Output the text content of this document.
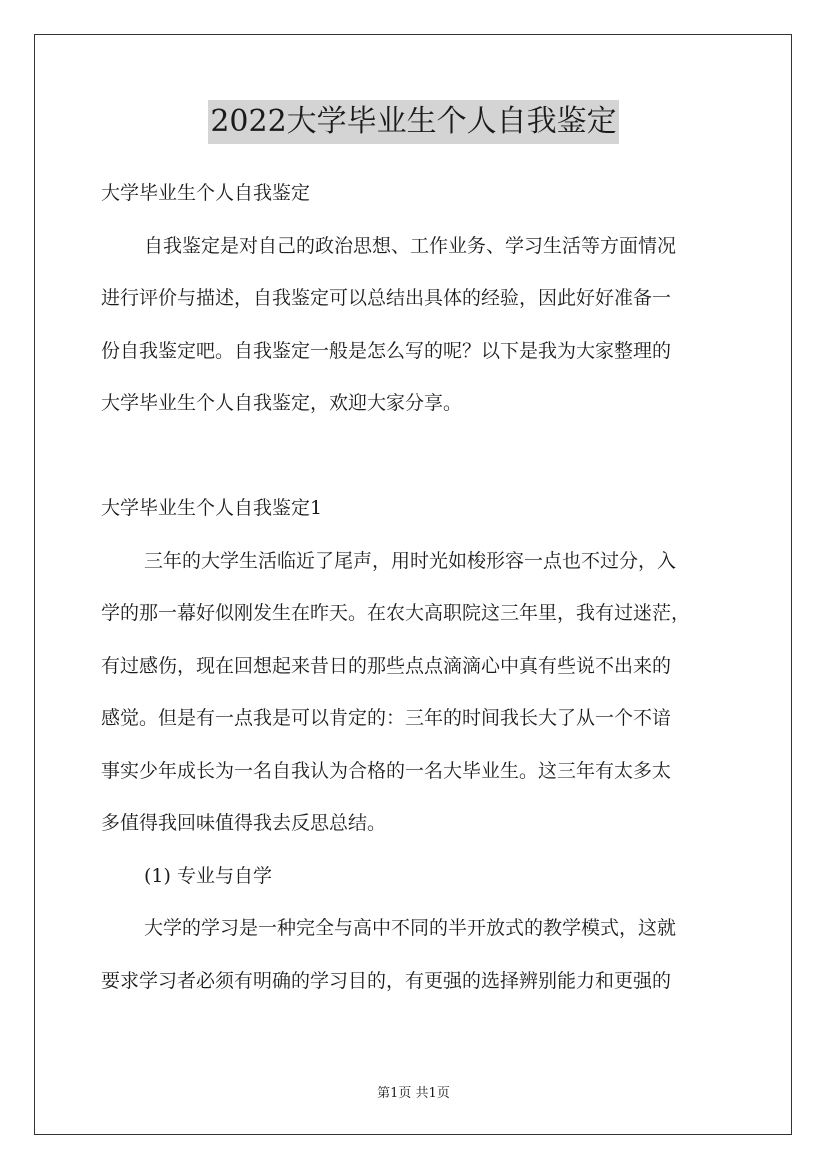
2022大学毕业生个人自我鉴定
大学毕业生个人自我鉴定
自我鉴定是对自己的政治思想、工作业务、学习生活等方面情况
进行评价与描述，自我鉴定可以总结出具体的经验，因此好好准备一
份自我鉴定吧。自我鉴定一般是怎么写的呢？以下是我为大家整理的
大学毕业生个人自我鉴定，欢迎大家分享。
大学毕业生个人自我鉴定1
三年的大学生活临近了尾声，用时光如梭形容一点也不过分，入
学的那一幕好似刚发生在昨天。在农大高职院这三年里，我有过迷茫，
有过感伤，现在回想起来昔日的那些点点滴滴心中真有些说不出来的
感觉。但是有一点我是可以肯定的：三年的时间我长大了从一个不谙
事实少年成长为一名自我认为合格的一名大毕业生。这三年有太多太
多值得我回味值得我去反思总结。
(1) 专业与自学
大学的学习是一种完全与高中不同的半开放式的教学模式，这就
要求学习者必须有明确的学习目的，有更强的选择辨别能力和更强的
第1页 共1页
